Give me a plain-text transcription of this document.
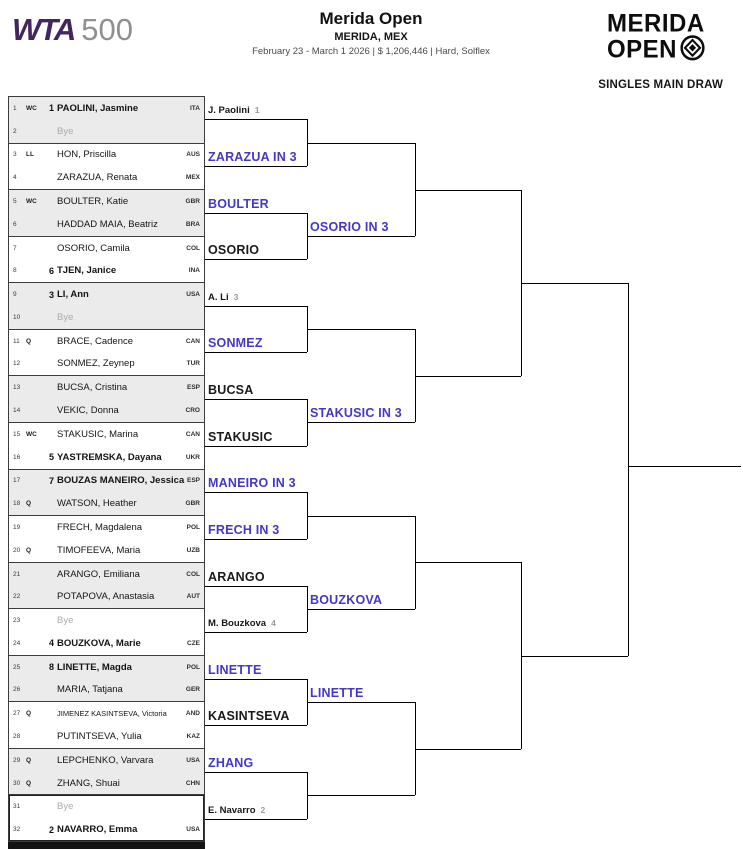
WTA 500	Merida Open
MERIDA, MEX
February 23 - March 1 2026 | $ 1,206,446 | Hard, Solflex
MERIDA
OPEN
SINGLES MAIN DRAW
1	WC	1 PAOLINI, Jasmine	ITA
2	Bye
3	LL	HON, Priscilla	AUS
4	ZARAZUA, Renata	MEX
5	WC	BOULTER, Katie	GBR
6	HADDAD MAIA, Beatriz	BRA
7	OSORIO, Camila	COL
8	6 TJEN, Janice	INA
9	3 LI, Ann	USA
10	Bye
11 Q	BRACE, Cadence	CAN
12	SONMEZ, Zeynep	TUR
13	BUCSA, Cristina	ESP
14	VEKIC, Donna	CRO
15 WC	STAKUSIC, Marina	CAN
16	5 YASTREMSKA, Dayana	UKR
17	7 BOUZAS MANEIRO, Jessica ESP
18 Q	WATSON, Heather	GBR
19	FRECH, Magdalena	POL
20 Q	TIMOFEEVA, Maria	UZB
21	ARANGO, Emiliana	COL
22	POTAPOVA, Anastasia	AUT
23	Bye
24	4 BOUZKOVA, Marie	CZE
25	8 LINETTE, Magda	POL
26	MARIA, Tatjana	GER
27 Q	JIMENEZ KASINTSEVA, Victoria	AND
28	PUTINTSEVA, Yulia	KAZ
29 Q	LEPCHENKO, Varvara	USA
30 Q	ZHANG, Shuai	CHN
31	Bye
32	2 NAVARRO, Emma	USA
J. Paolini 1
ZARAZUA IN 3
BOULTER
OSORIO
A. Li 3
SONMEZ
BUCSA
STAKUSIC
MANEIRO IN 3
FRECH IN 3
ARANGO
M. Bouzkova 4
LINETTE
KASINTSEVA
ZHANG
E. Navarro 2
OSORIO IN 3
STAKUSIC IN 3
BOUZKOVA
LINETTE
